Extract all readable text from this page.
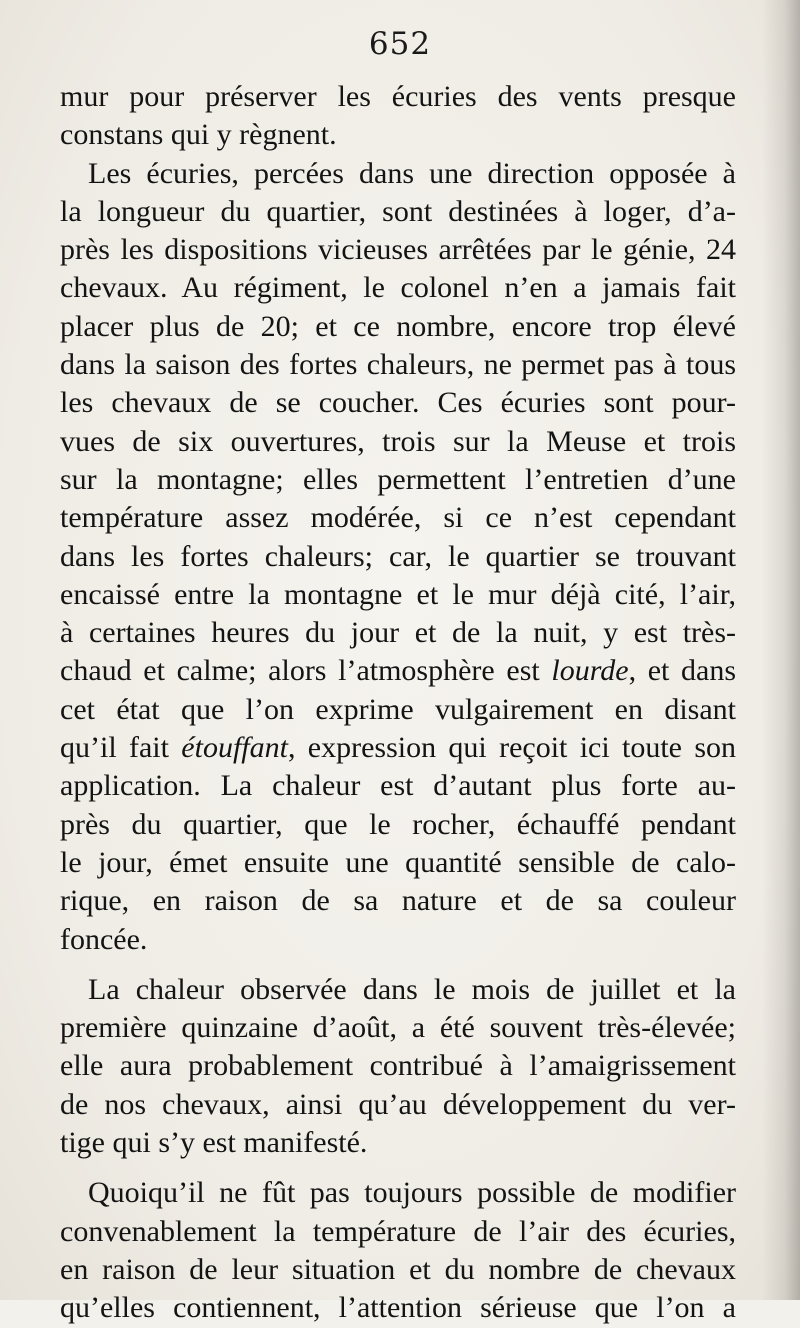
652
mur pour préserver les écuries des vents presque
constans qui y règnent.
Les écuries, percées dans une direction opposée à
la longueur du quartier, sont destinées à loger, d’a-
près les dispositions vicieuses arrêtées par le génie, 24
chevaux. Au régiment, le colonel n’en a jamais fait
placer plus de 20; et ce nombre, encore trop élevé
dans la saison des fortes chaleurs, ne permet pas à tous
les chevaux de se coucher. Ces écuries sont pour-
vues de six ouvertures, trois sur la Meuse et trois
sur la montagne; elles permettent l’entretien d’une
température assez modérée, si ce n’est cependant
dans les fortes chaleurs; car, le quartier se trouvant
encaissé entre la montagne et le mur déjà cité, l’air,
à certaines heures du jour et de la nuit, y est très-
chaud et calme; alors l’atmosphère est lourde, et dans
cet état que l’on exprime vulgairement en disant
qu’il fait étouffant, expression qui reçoit ici toute son
application. La chaleur est d’autant plus forte au-
près du quartier, que le rocher, échauffé pendant
le jour, émet ensuite une quantité sensible de calo-
rique, en raison de sa nature et de sa couleur
foncée.
La chaleur observée dans le mois de juillet et la
première quinzaine d’août, a été souvent très-élevée;
elle aura probablement contribué à l’amaigrissement
de nos chevaux, ainsi qu’au développement du ver-
tige qui s’y est manifesté.
Quoiqu’il ne fût pas toujours possible de modifier
convenablement la température de l’air des écuries,
en raison de leur situation et du nombre de chevaux
qu’elles contiennent, l’attention sérieuse que l’on a
